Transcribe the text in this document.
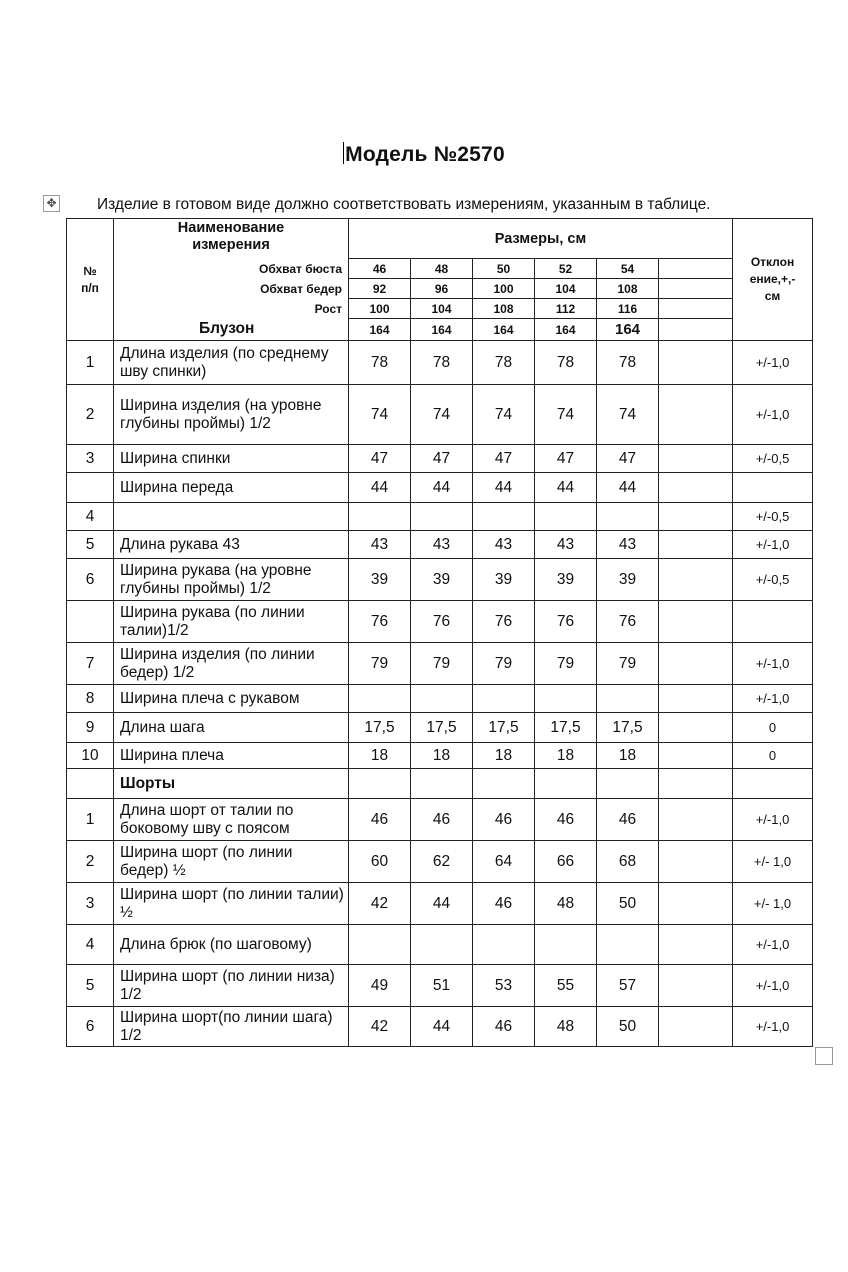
Модель №2570
✥	Изделие в готовом виде должно соответствовать измерениям, указанным в таблице.
№ п/п	Наименование измерения	Размеры, см						Отклон ение,+,- см
	Обхват бюста	46	48	50	52	54		
	Обхват бедер	92	96	100	104	108		
	Рост	100	104	108	112	116		
	Блузон	164	164	164	164	164		
1	Длина изделия (по среднему шву спинки)	78	78	78	78	78		+/-1,0
2	Ширина изделия (на уровне глубины проймы) 1/2	74	74	74	74	74		+/-1,0
3	Ширина спинки	47	47	47	47	47		+/-0,5
	Ширина переда	44	44	44	44	44		
4								+/-0,5
5	Длина рукава 43	43	43	43	43	43		+/-1,0
6	Ширина рукава (на уровне глубины проймы) 1/2	39	39	39	39	39		+/-0,5
	Ширина рукава (по линии талии)1/2	76	76	76	76	76		
7	Ширина изделия (по линии бедер) 1/2	79	79	79	79	79		+/-1,0
8	Ширина плеча с рукавом							+/-1,0
9	Длина шага	17,5	17,5	17,5	17,5	17,5		0
10	Ширина плеча	18	18	18	18	18		0
	Шорты							
1	Длина шорт от талии по боковому шву с поясом	46	46	46	46	46		+/-1,0
2	Ширина шорт (по линии бедер) ½	60	62	64	66	68		+/- 1,0
3	Ширина шорт (по линии талии) ½	42	44	46	48	50		+/- 1,0
4	Длина брюк (по шаговому)							+/-1,0
5	Ширина шорт (по линии низа) 1/2	49	51	53	55	57		+/-1,0
6	Ширина шорт(по линии шага) 1/2	42	44	46	48	50		+/-1,0
